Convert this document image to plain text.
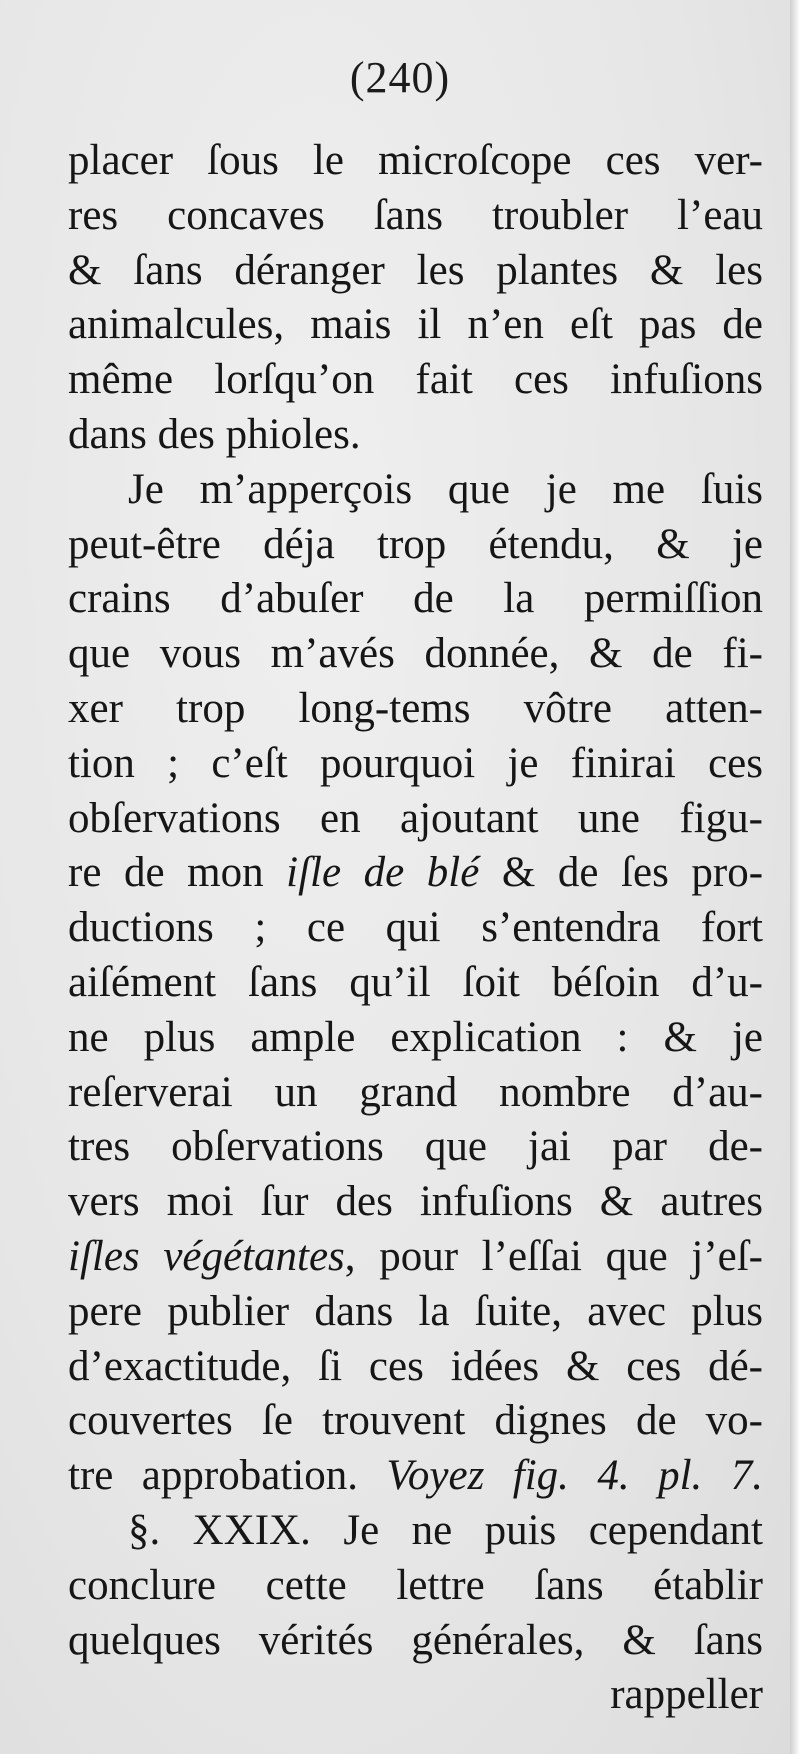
(240)
placer ſous le microſcope ces ver-
res concaves ſans troubler l’eau
& ſans déranger les plantes & les
animalcules, mais il n’en eſt pas de
même lorſqu’on fait ces infuſions
dans des phioles.
Je m’apperçois que je me ſuis
peut-être déja trop étendu, & je
crains d’abuſer de la permiſſion
que vous m’avés donnée, & de fi-
xer trop long-tems vôtre atten-
tion ; c’eſt pourquoi je finirai ces
obſervations en ajoutant une figu-
re de mon iſle de blé & de ſes pro-
ductions ; ce qui s’entendra fort
aiſément ſans qu’il ſoit béſoin d’u-
ne plus ample explication : & je
reſerverai un grand nombre d’au-
tres obſervations que jai par de-
vers moi ſur des infuſions & autres
iſles végétantes, pour l’eſſai que j’eſ-
pere publier dans la ſuite, avec plus
d’exactitude, ſi ces idées & ces dé-
couvertes ſe trouvent dignes de vo-
tre approbation. Voyez fig. 4. pl. 7.
§. XXIX. Je ne puis cependant
conclure cette lettre ſans établir
quelques vérités générales, & ſans
rappeller
